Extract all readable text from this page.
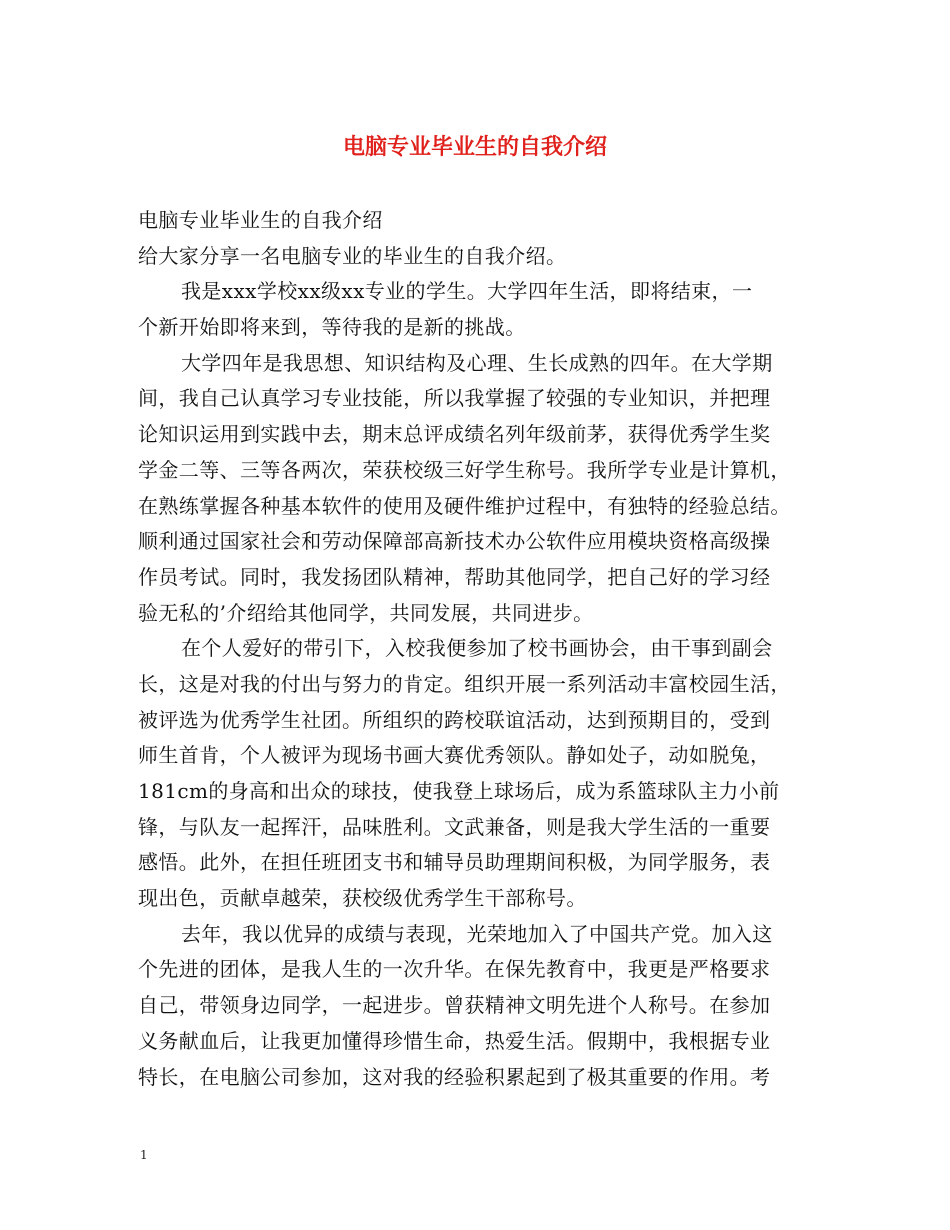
电脑专业毕业生的自我介绍
电脑专业毕业生的自我介绍
给大家分享一名电脑专业的毕业生的自我介绍。
我是xxx学校xx级xx专业的学生。大学四年生活，即将结束，一
个新开始即将来到，等待我的是新的挑战。
大学四年是我思想、知识结构及心理、生长成熟的四年。在大学期
间，我自己认真学习专业技能，所以我掌握了较强的专业知识，并把理
论知识运用到实践中去，期末总评成绩名列年级前茅，获得优秀学生奖
学金二等、三等各两次，荣获校级三好学生称号。我所学专业是计算机，
在熟练掌握各种基本软件的使用及硬件维护过程中，有独特的经验总结。
顺利通过国家社会和劳动保障部高新技术办公软件应用模块资格高级操
作员考试。同时，我发扬团队精神，帮助其他同学，把自己好的学习经
验无私的’介绍给其他同学，共同发展，共同进步。
在个人爱好的带引下，入校我便参加了校书画协会，由干事到副会
长，这是对我的付出与努力的肯定。组织开展一系列活动丰富校园生活，
被评选为优秀学生社团。所组织的跨校联谊活动，达到预期目的，受到
师生首肯，个人被评为现场书画大赛优秀领队。静如处子，动如脱兔，
181cm的身高和出众的球技，使我登上球场后，成为系篮球队主力小前
锋，与队友一起挥汗，品味胜利。文武兼备，则是我大学生活的一重要
感悟。此外，在担任班团支书和辅导员助理期间积极，为同学服务，表
现出色，贡献卓越荣，获校级优秀学生干部称号。
去年，我以优异的成绩与表现，光荣地加入了中国共产党。加入这
个先进的团体，是我人生的一次升华。在保先教育中，我更是严格要求
自己，带领身边同学，一起进步。曾获精神文明先进个人称号。在参加
义务献血后，让我更加懂得珍惜生命，热爱生活。假期中，我根据专业
特长，在电脑公司参加，这对我的经验积累起到了极其重要的作用。考
1
